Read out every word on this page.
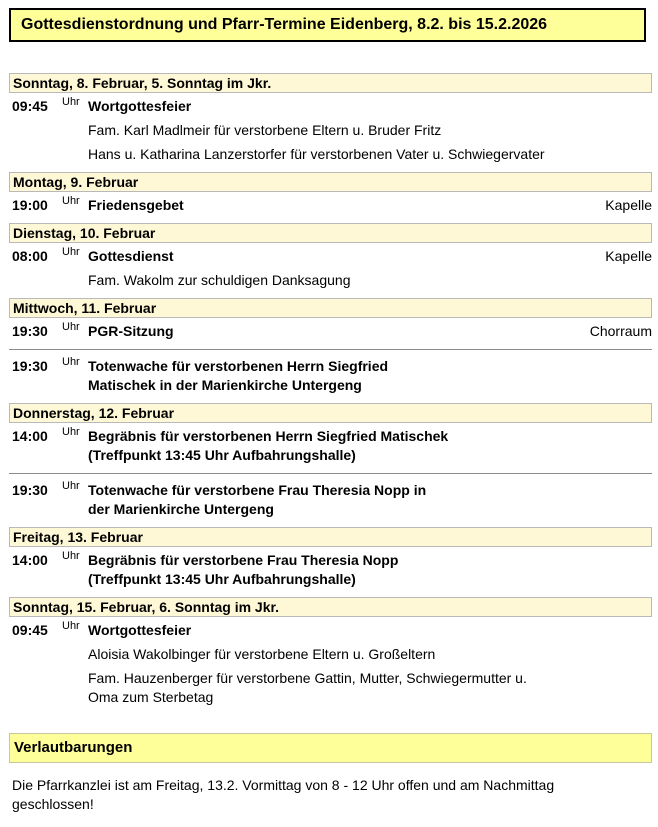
Gottesdienstordnung und Pfarr-Termine Eidenberg, 8.2. bis 15.2.2026
Sonntag, 8. Februar, 5. Sonntag im Jkr.
09:45 Uhr Wortgottesfeier
Fam. Karl Madlmeir für verstorbene Eltern u. Bruder Fritz
Hans u. Katharina Lanzerstorfer für verstorbenen Vater u. Schwiegervater
Montag, 9. Februar
19:00 Uhr Friedensgebet	Kapelle
Dienstag, 10. Februar
08:00 Uhr Gottesdienst	Kapelle
Fam. Wakolm zur schuldigen Danksagung
Mittwoch, 11. Februar
19:30 Uhr PGR-Sitzung	Chorraum
19:30 Uhr Totenwache für verstorbenen Herrn Siegfried
Matischek in der Marienkirche Untergeng
Donnerstag, 12. Februar
14:00 Uhr Begräbnis für verstorbenen Herrn Siegfried Matischek
(Treffpunkt 13:45 Uhr Aufbahrungshalle)
19:30 Uhr Totenwache für verstorbene Frau Theresia Nopp in
der Marienkirche Untergeng
Freitag, 13. Februar
14:00 Uhr Begräbnis für verstorbene Frau Theresia Nopp
(Treffpunkt 13:45 Uhr Aufbahrungshalle)
Sonntag, 15. Februar, 6. Sonntag im Jkr.
09:45 Uhr Wortgottesfeier
Aloisia Wakolbinger für verstorbene Eltern u. Großeltern
Fam. Hauzenberger für verstorbene Gattin, Mutter, Schwiegermutter u.
Oma zum Sterbetag
Verlautbarungen
Die Pfarrkanzlei ist am Freitag, 13.2. Vormittag von 8 - 12 Uhr offen und am Nachmittag
geschlossen!
